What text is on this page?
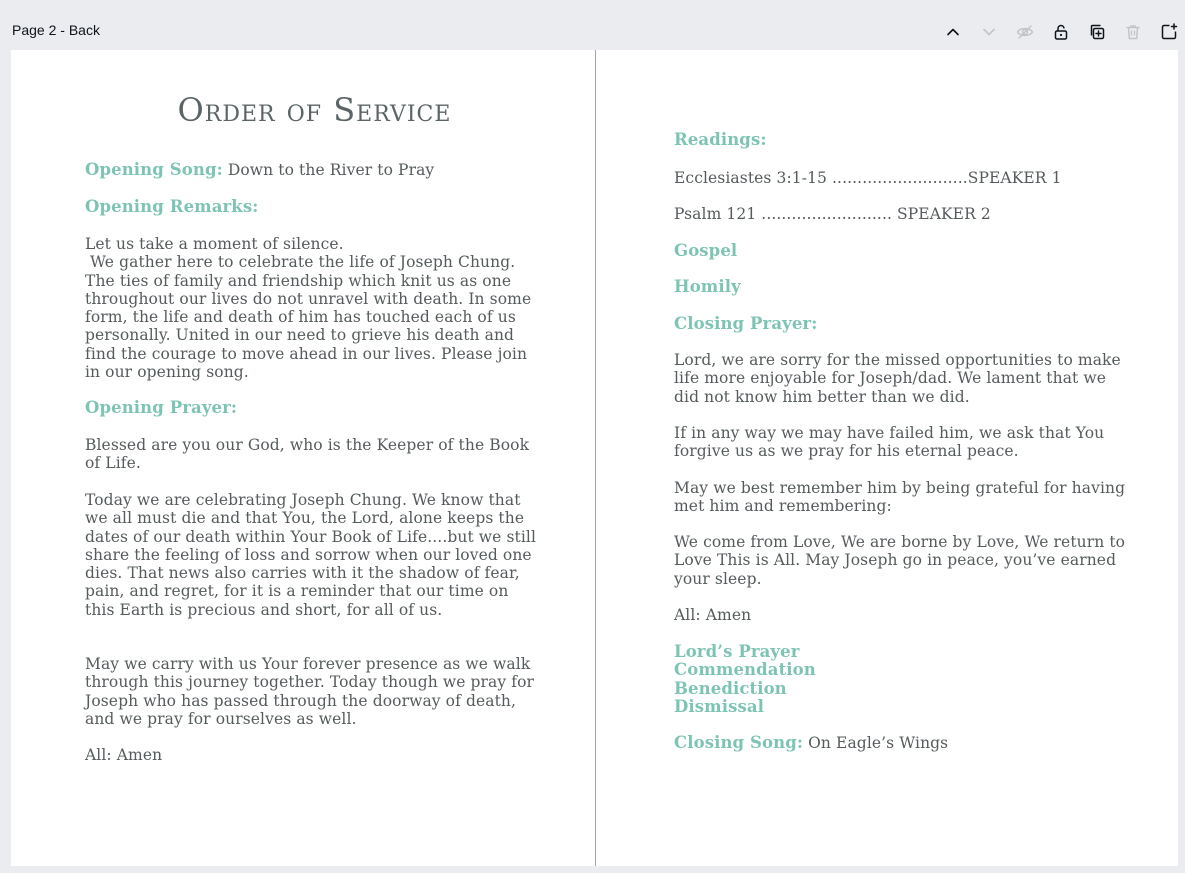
Page 2 - Back
Order of Service

Opening Song: Down to the River to Pray

Opening Remarks:

Let us take a moment of silence.
We gather here to celebrate the life of Joseph Chung. The ties of family and friendship which knit us as one throughout our lives do not unravel with death. In some form, the life and death of him has touched each of us personally. United in our need to grieve his death and find the courage to move ahead in our lives. Please join in our opening song.

Opening Prayer:

Blessed are you our God, who is the Keeper of the Book of Life.

Today we are celebrating Joseph Chung. We know that we all must die and that You, the Lord, alone keeps the dates of our death within Your Book of Life....but we still share the feeling of loss and sorrow when our loved one dies. That news also carries with it the shadow of fear, pain, and regret, for it is a reminder that our time on this Earth is precious and short, for all of us.

May we carry with us Your forever presence as we walk through this journey together. Today though we pray for Joseph who has passed through the doorway of death, and we pray for ourselves as well.

All: Amen

Readings:

Ecclesiastes 3:1-15 ...........................SPEAKER 1

Psalm 121 .......................... SPEAKER 2

Gospel

Homily

Closing Prayer:

Lord, we are sorry for the missed opportunities to make life more enjoyable for Joseph/dad. We lament that we did not know him better than we did.

If in any way we may have failed him, we ask that You forgive us as we pray for his eternal peace.

May we best remember him by being grateful for having met him and remembering:

We come from Love, We are borne by Love, We return to Love This is All. May Joseph go in peace, you’ve earned your sleep.

All: Amen

Lord’s Prayer
Commendation
Benediction
Dismissal

Closing Song: On Eagle’s Wings
